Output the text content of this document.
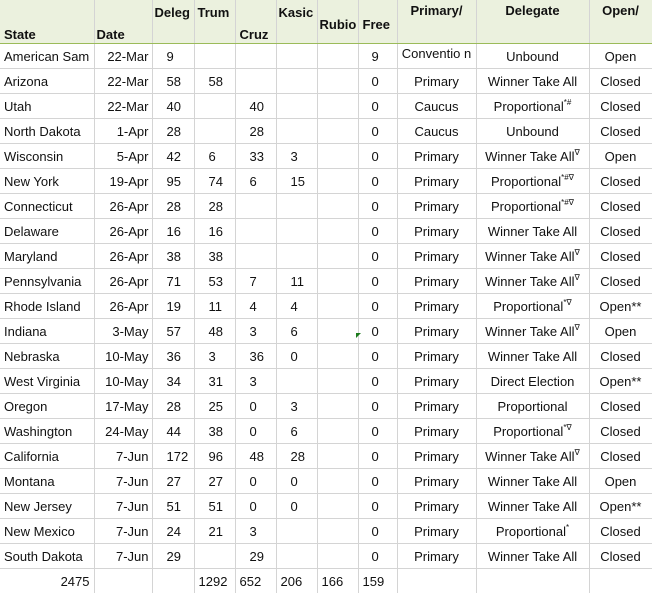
State	Date	Deleg	Trum	Cruz	Kasic	Rubio	Free	Primary/	Delegate	Open/
American Sam	22-Mar	9					9	Conventio n	Unbound	Open
Arizona	22-Mar	58	58				0	Primary	Winner Take All	Closed
Utah	22-Mar	40		40			0	Caucus	Proportional*#	Closed
North Dakota	1-Apr	28		28			0	Caucus	Unbound	Closed
Wisconsin	5-Apr	42	6	33	3		0	Primary	Winner Take All∇	Open
New York	19-Apr	95	74	6	15		0	Primary	Proportional*#∇	Closed
Connecticut	26-Apr	28	28				0	Primary	Proportional*#∇	Closed
Delaware	26-Apr	16	16				0	Primary	Winner Take All	Closed
Maryland	26-Apr	38	38				0	Primary	Winner Take All∇	Closed
Pennsylvania	26-Apr	71	53	7	11		0	Primary	Winner Take All∇	Closed
Rhode Island	26-Apr	19	11	4	4		0	Primary	Proportional*∇	Open**
Indiana	3-May	57	48	3	6		0	Primary	Winner Take All∇	Open
Nebraska	10-May	36	3	36	0		0	Primary	Winner Take All	Closed
West Virginia	10-May	34	31	3			0	Primary	Direct Election	Open**
Oregon	17-May	28	25	0	3		0	Primary	Proportional	Closed
Washington	24-May	44	38	0	6		0	Primary	Proportional*∇	Closed
California	7-Jun	172	96	48	28		0	Primary	Winner Take All∇	Closed
Montana	7-Jun	27	27	0	0		0	Primary	Winner Take All	Open
New Jersey	7-Jun	51	51	0	0		0	Primary	Winner Take All	Open**
New Mexico	7-Jun	24	21	3			0	Primary	Proportional*	Closed
South Dakota	7-Jun	29		29			0	Primary	Winner Take All	Closed
2475			1292	652	206	166	159			
